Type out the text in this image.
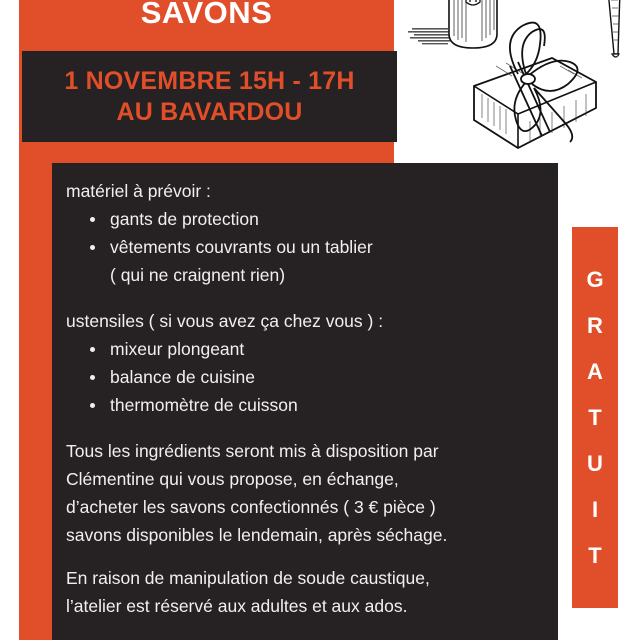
SAVONS
1 NOVEMBRE 15H - 17H
AU BAVARDOU
matériel à prévoir :
gants de protection
vêtements couvrants ou un tablier
( qui ne craignent rien)
ustensiles ( si vous avez ça chez vous ) :
mixeur plongeant
balance de cuisine
thermomètre de cuisson
Tous les ingrédients seront mis à disposition par
Clémentine qui vous propose, en échange,
d’acheter les savons confectionnés ( 3 € pièce )
savons disponibles le lendemain, après séchage.
En raison de manipulation de soude caustique,
l’atelier est réservé aux adultes et aux ados.
G
R
A
T
U
I
T
